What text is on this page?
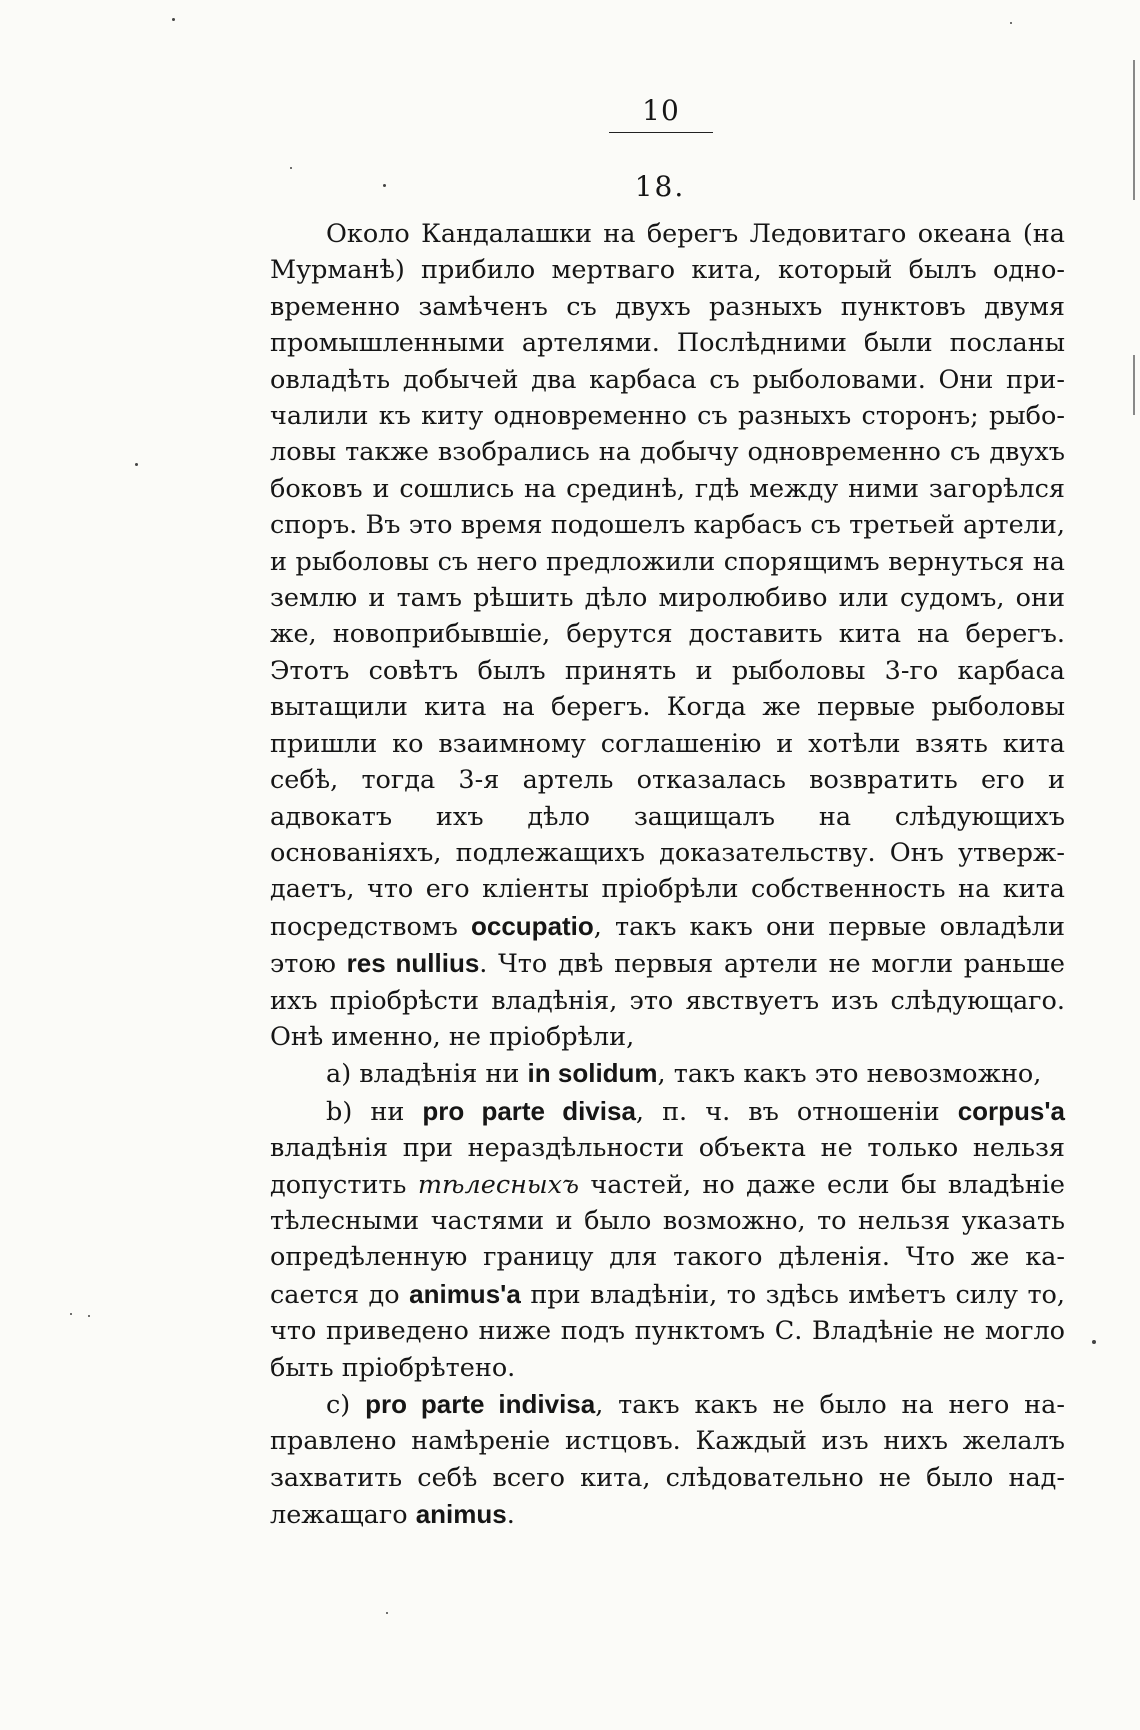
10
18.

Около Кандалашки на берегъ Ледовитаго океана (на Мурманѣ) прибило мертваго кита, который былъ одновременно замѣченъ съ двухъ разныхъ пунктовъ двумя промышленными артелями. Послѣдними были посланы овладѣть добычей два карбаса съ рыболовами. Они причалили къ киту одновременно съ разныхъ сторонъ; рыболовы также взобрались на добычу одновременно съ двухъ боковъ и сошлись на срединѣ, гдѣ между ними загорѣлся споръ. Въ это время подошелъ карбасъ съ третьей артели, и рыболовы съ него предложили спорящимъ вернуться на землю и тамъ рѣшить дѣло миролюбиво или судомъ, они же, новоприбывшіе, берутся доставить кита на берегъ. Этотъ совѣтъ былъ принять и рыболовы 3-го карбаса вытащили кита на берегъ. Когда же первые рыболовы пришли ко взаимному соглашенію и хотѣли взять кита себѣ, тогда 3-я артель отказалась возвратить его и адвокатъ ихъ дѣло защищалъ на слѣдующихъ основаніяхъ, подлежащихъ доказательству. Онъ утверждаетъ, что его кліенты пріобрѣли собственность на кита посредствомъ occupatio, такъ какъ они первые овладѣли этою res nullius. Что двѣ первыя артели не могли раньше ихъ пріобрѣсти владѣнія, это явствуетъ изъ слѣдующаго. Онѣ именно, не пріобрѣли,

a) владѣнія ни in solidum, такъ какъ это невозможно,

b) ни pro parte divisa, п. ч. въ отношеніи corpus'a владѣнія при нераздѣльности объекта не только нельзя допустить тѣлесныхъ частей, но даже если бы владѣніе тѣлесными частями и было возможно, то нельзя указать опредѣленную границу для такого дѣленія. Что же касается до animus'a при владѣніи, то здѣсь имѣетъ силу то, что приведено ниже подъ пунктомъ С. Владѣніе не могло быть пріобрѣтено.

c) pro parte indivisa, такъ какъ не было на него направлено намѣреніе истцовъ. Каждый изъ нихъ желалъ захватить себѣ всего кита, слѣдовательно не было надлежащаго animus.
